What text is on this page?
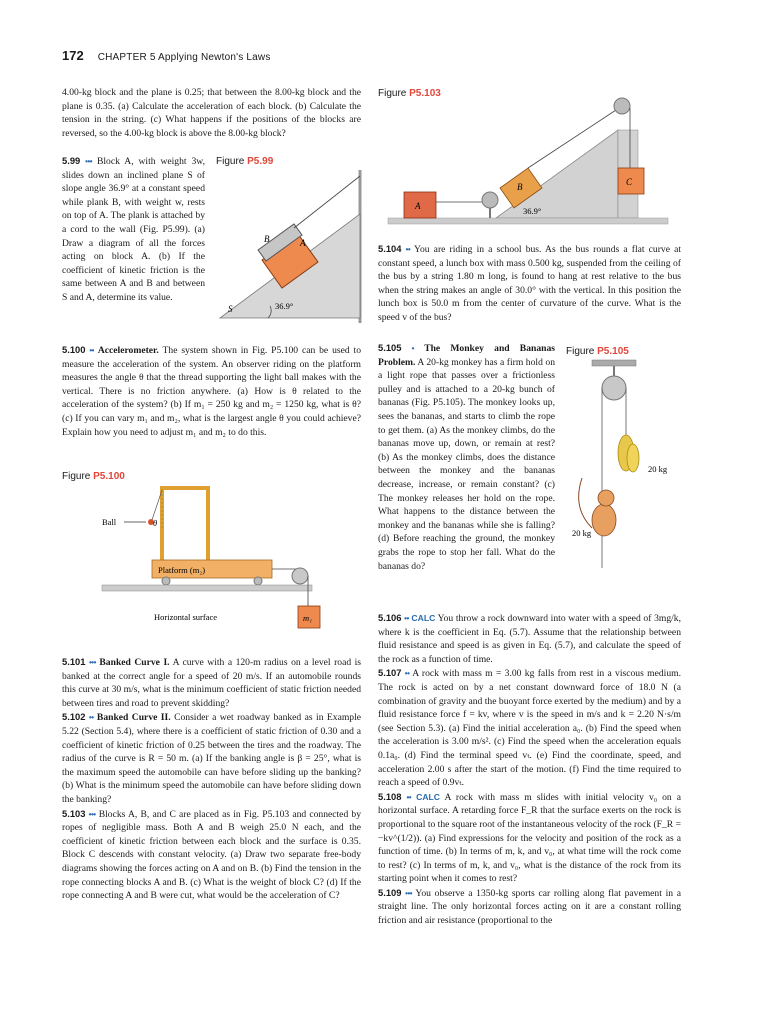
172 CHAPTER 5 Applying Newton's Laws

4.00-kg block and the plane is 0.25; that between the 8.00-kg block and the plane is 0.35. (a) Calculate the acceleration of each block. (b) Calculate the tension in the string. (c) What happens if the positions of the blocks are reversed, so the 4.00-kg block is above the 8.00-kg block?

5.99 ••• Block A, with weight 3w, slides down an inclined plane S of slope angle 36.9° at a constant speed while plank B, with weight w, rests on top of A. The plank is attached by a cord to the wall (Fig. P5.99). (a) Draw a diagram of all the forces acting on block A. (b) If the coefficient of kinetic friction is the same between A and B and between S and A, determine its value.

Figure P5.99
B	A
S	36.9°

5.100 •• Accelerometer. The system shown in Fig. P5.100 can be used to measure the acceleration of the system. An observer riding on the platform measures the angle θ that the thread supporting the light ball makes with the vertical. There is no friction anywhere. (a) How is θ related to the acceleration of the system? (b) If m₁ = 250 kg and m₂ = 1250 kg, what is θ? (c) If you can vary m₁ and m₂, what is the largest angle θ you could achieve? Explain how you need to adjust m₁ and m₂ to do this.

Figure P5.100
Ball	θ
Platform (m₂)
Horizontal surface	m₁

5.101 ••• Banked Curve I. A curve with a 120-m radius on a level road is banked at the correct angle for a speed of 20 m/s. If an automobile rounds this curve at 30 m/s, what is the minimum coefficient of static friction needed between tires and road to prevent skidding?

5.102 •• Banked Curve II. Consider a wet roadway banked as in Example 5.22 (Section 5.4), where there is a coefficient of static friction of 0.30 and a coefficient of kinetic friction of 0.25 between the tires and the roadway. The radius of the curve is R = 50 m. (a) If the banking angle is β = 25°, what is the maximum speed the automobile can have before sliding up the banking? (b) What is the minimum speed the automobile can have before sliding down the banking?

5.103 ••• Blocks A, B, and C are placed as in Fig. P5.103 and connected by ropes of negligible mass. Both A and B weigh 25.0 N each, and the coefficient of kinetic friction between each block and the surface is 0.35. Block C descends with constant velocity. (a) Draw two separate free-body diagrams showing the forces acting on A and on B. (b) Find the tension in the rope connecting blocks A and B. (c) What is the weight of block C? (d) If the rope connecting A and B were cut, what would be the acceleration of C?

Figure P5.103
A
B	C
36.9°

5.104 •• You are riding in a school bus. As the bus rounds a flat curve at constant speed, a lunch box with mass 0.500 kg, suspended from the ceiling of the bus by a string 1.80 m long, is found to hang at rest relative to the bus when the string makes an angle of 30.0° with the vertical. In this position the lunch box is 50.0 m from the center of curvature of the curve. What is the speed v of the bus?

5.105 • The Monkey and Bananas Problem. A 20-kg monkey has a firm hold on a light rope that passes over a frictionless pulley and is attached to a 20-kg bunch of bananas (Fig. P5.105). The monkey looks up, sees the bananas, and starts to climb the rope to get them. (a) As the monkey climbs, do the bananas move up, down, or remain at rest? (b) As the monkey climbs, does the distance between the monkey and the bananas decrease, increase, or remain constant? (c) The monkey releases her hold on the rope. What happens to the distance between the monkey and the bananas while she is falling? (d) Before reaching the ground, the monkey grabs the rope to stop her fall. What do the bananas do?

Figure P5.105
20 kg
20 kg

5.106 •• CALC You throw a rock downward into water with a speed of 3mg/k, where k is the coefficient in Eq. (5.7). Assume that the relationship between fluid resistance and speed is as given in Eq. (5.7), and calculate the speed of the rock as a function of time.

5.107 •• A rock with mass m = 3.00 kg falls from rest in a viscous medium. The rock is acted on by a net constant downward force of 18.0 N (a combination of gravity and the buoyant force exerted by the medium) and by a fluid resistance force f = kv, where v is the speed in m/s and k = 2.20 N·s/m (see Section 5.3). (a) Find the initial acceleration a₀. (b) Find the speed when the acceleration is 3.00 m/s². (c) Find the speed when the acceleration equals 0.1a₀. (d) Find the terminal speed vₜ. (e) Find the coordinate, speed, and acceleration 2.00 s after the start of the motion. (f) Find the time required to reach a speed of 0.9vₜ.

5.108 •• CALC A rock with mass m slides with initial velocity v₀ on a horizontal surface. A retarding force F_R that the surface exerts on the rock is proportional to the square root of the instantaneous velocity of the rock (F_R = −kv^(1/2)). (a) Find expressions for the velocity and position of the rock as a function of time. (b) In terms of m, k, and v₀, at what time will the rock come to rest? (c) In terms of m, k, and v₀, what is the distance of the rock from its starting point when it comes to rest?

5.109 ••• You observe a 1350-kg sports car rolling along flat pavement in a straight line. The only horizontal forces acting on it are a constant rolling friction and air resistance (proportional to the
